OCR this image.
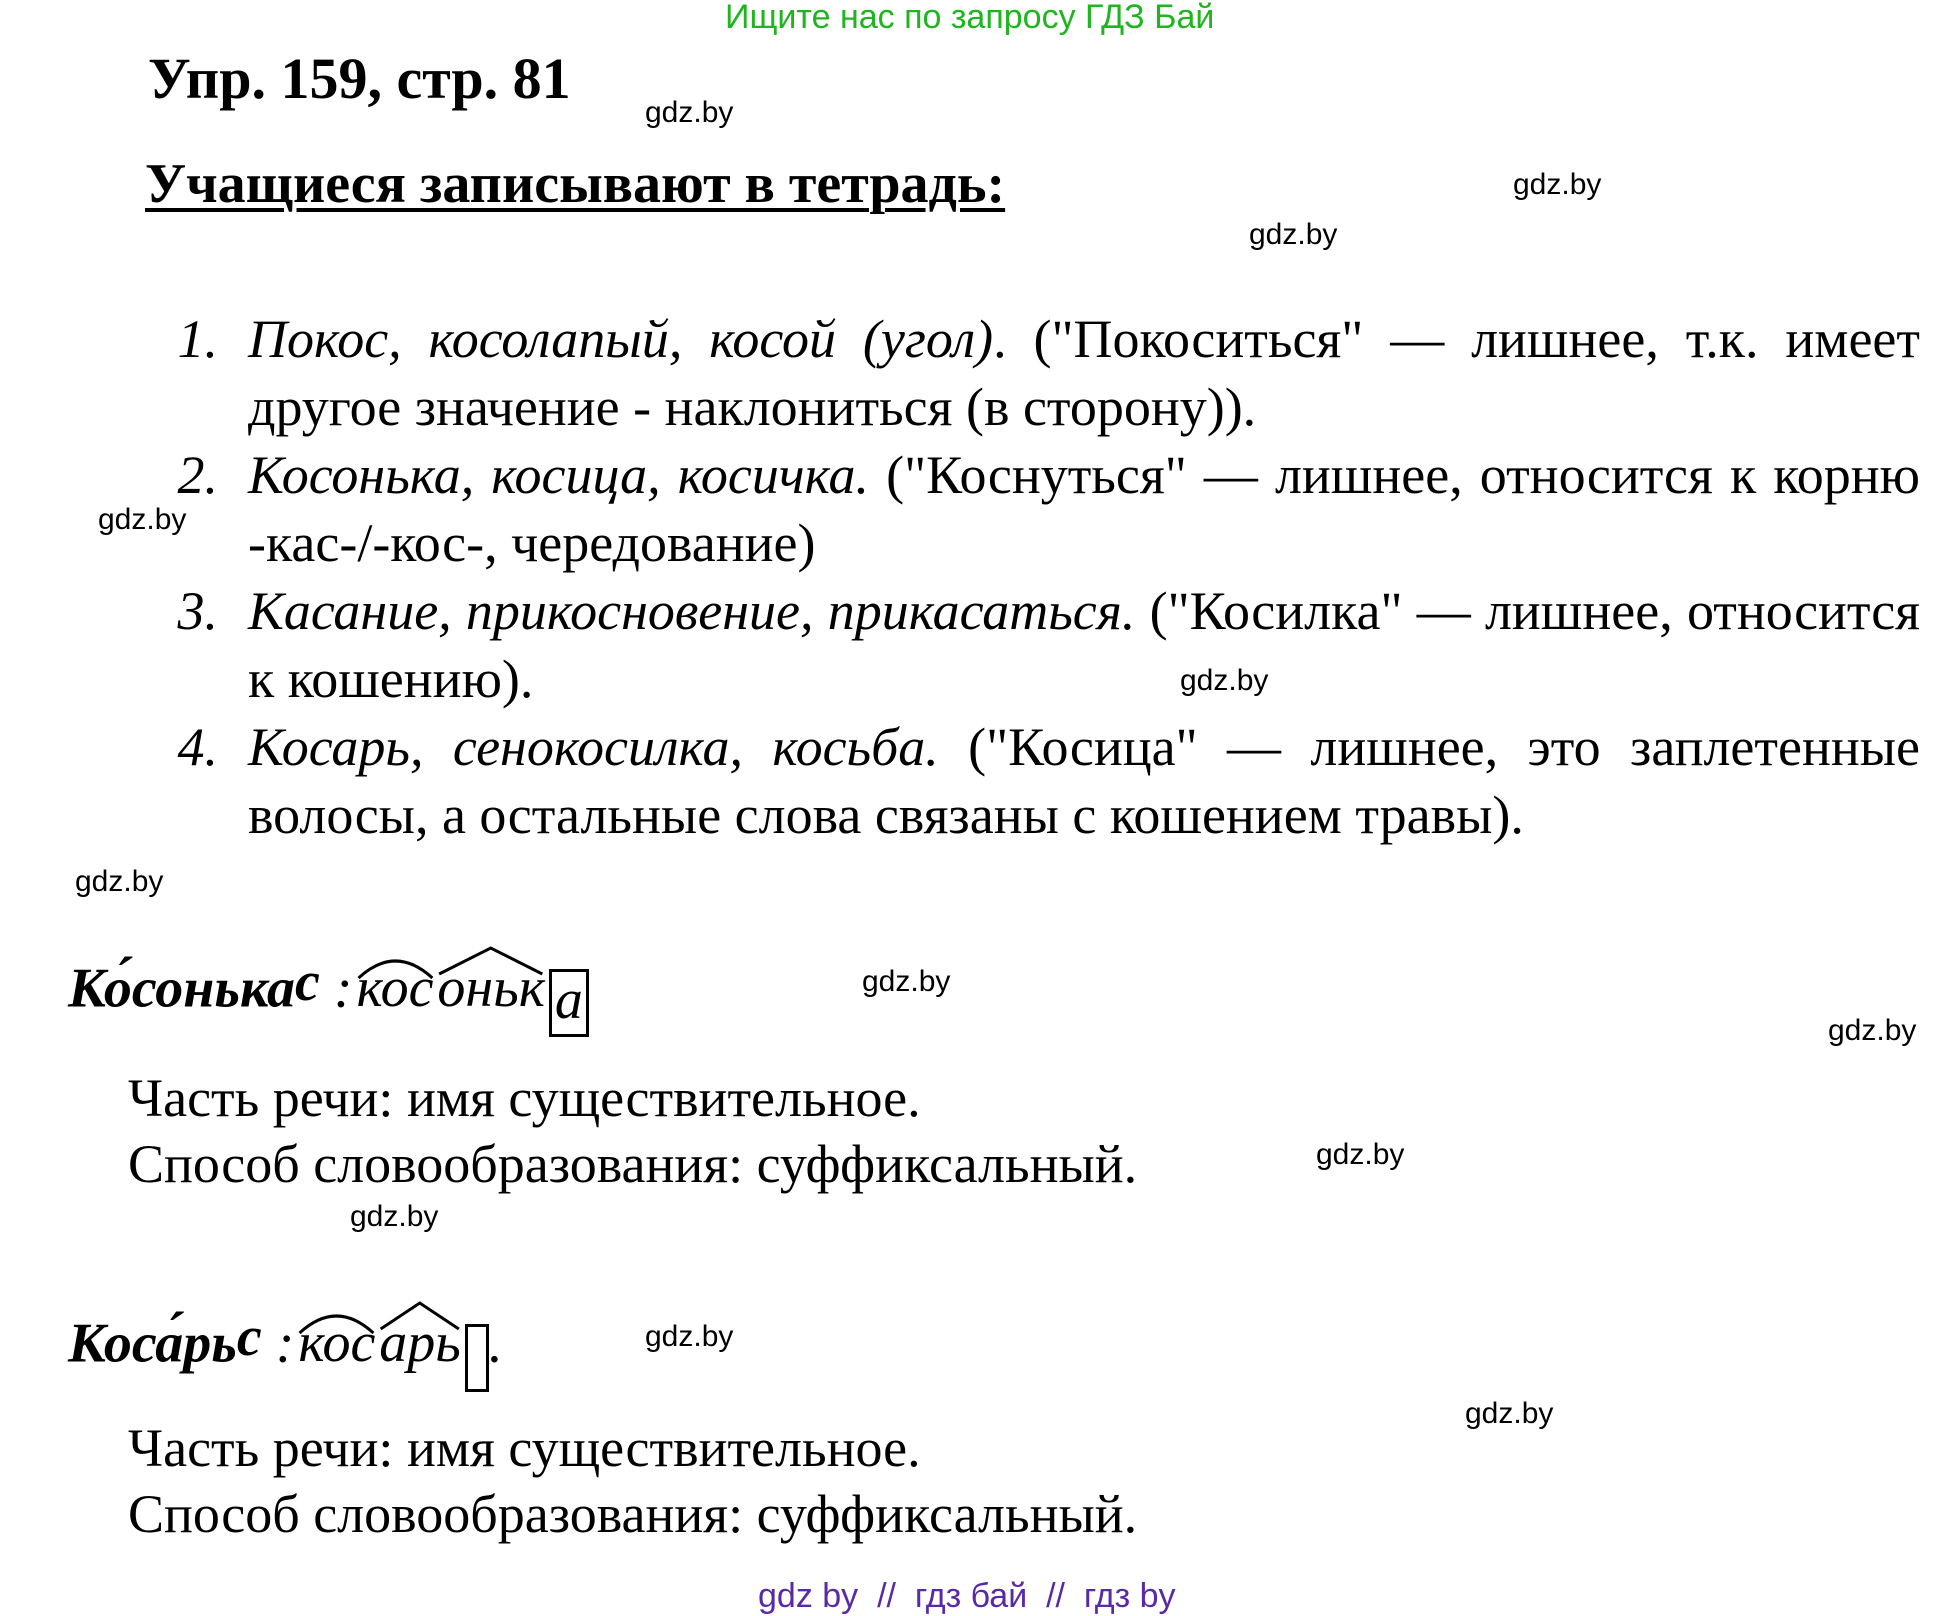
Ищите нас по запросу ГДЗ Бай
Упр. 159, стр. 81
Учащиеся записывают в тетрадь:
gdz.by
gdz.by
gdz.by
gdz.by
gdz.by
gdz.by
gdz.by
gdz.by
gdz.by
gdz.by
gdz.by
gdz.by
1. Покос, косолапый, косой (угол). ("Покоситься" — лишнее, т.к. имеет другое значение - наклониться (в сторону)).
2. Косонька, косица, косичка. ("Коснуться" — лишнее, относится к корню -кас-/-кос-, чередование)
3. Касание, прикосновение, прикасаться. ("Косилка" — лишнее, относится к кошению).
4. Косарь, сенокосилка, косьба. ("Косица" — лишнее, это заплетенные волосы, а остальные слова связаны с кошением травы).
Ко́сонька$^с$ :
кос
оньк а
Часть речи: имя существительное.
Способ словообразования: суффиксальный.
$Коса́рь^с$ :
кос
арь .
Часть речи: имя существительное.
Способ словообразования: суффиксальный.
gdz by  //  гдз бай  //  гдз by
